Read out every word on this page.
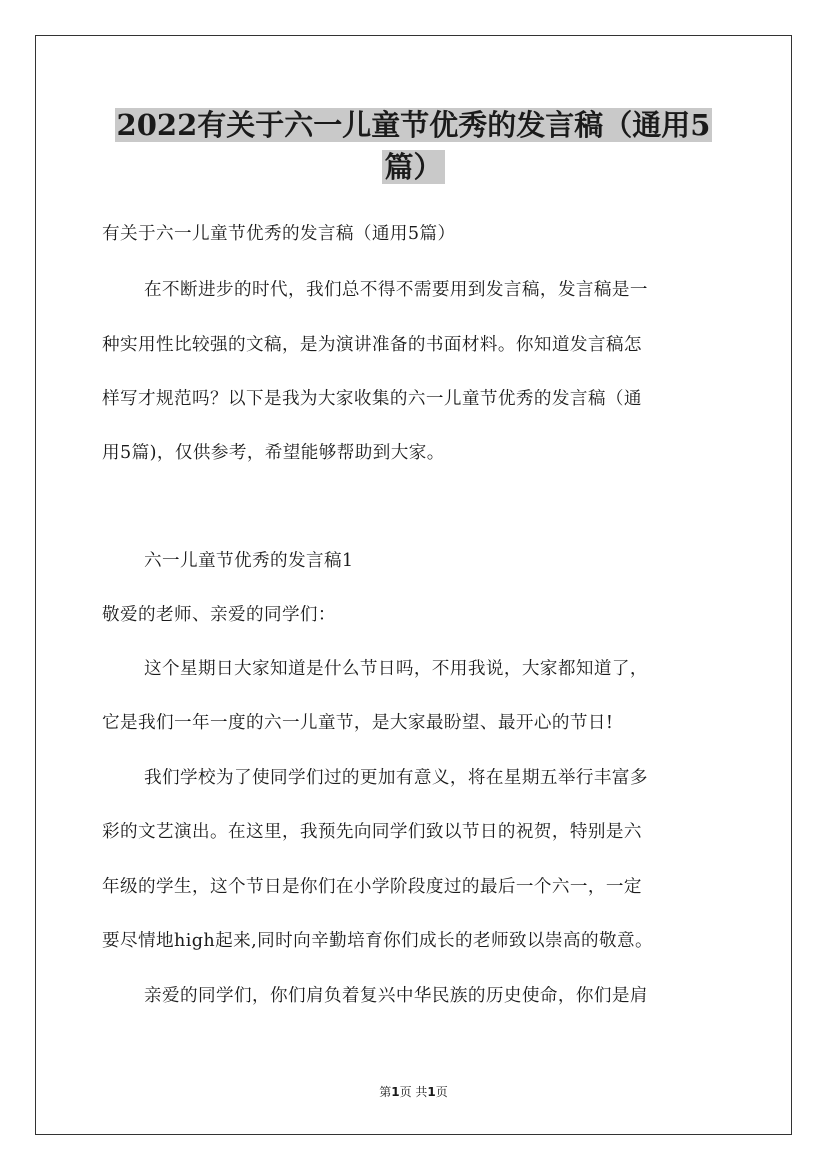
2022有关于六一儿童节优秀的发言稿（通用5
篇）
有关于六一儿童节优秀的发言稿（通用5篇）
在不断进步的时代，我们总不得不需要用到发言稿，发言稿是一
种实用性比较强的文稿，是为演讲准备的书面材料。你知道发言稿怎
样写才规范吗？以下是我为大家收集的六一儿童节优秀的发言稿（通
用5篇)，仅供参考，希望能够帮助到大家。
六一儿童节优秀的发言稿1
敬爱的老师、亲爱的同学们：
这个星期日大家知道是什么节日吗，不用我说，大家都知道了，
它是我们一年一度的六一儿童节，是大家最盼望、最开心的节日!
我们学校为了使同学们过的更加有意义，将在星期五举行丰富多
彩的文艺演出。在这里，我预先向同学们致以节日的祝贺，特别是六
年级的学生，这个节日是你们在小学阶段度过的最后一个六一，一定
要尽情地high起来,同时向辛勤培育你们成长的老师致以崇高的敬意。
亲爱的同学们，你们肩负着复兴中华民族的历史使命，你们是肩
第1页 共1页
